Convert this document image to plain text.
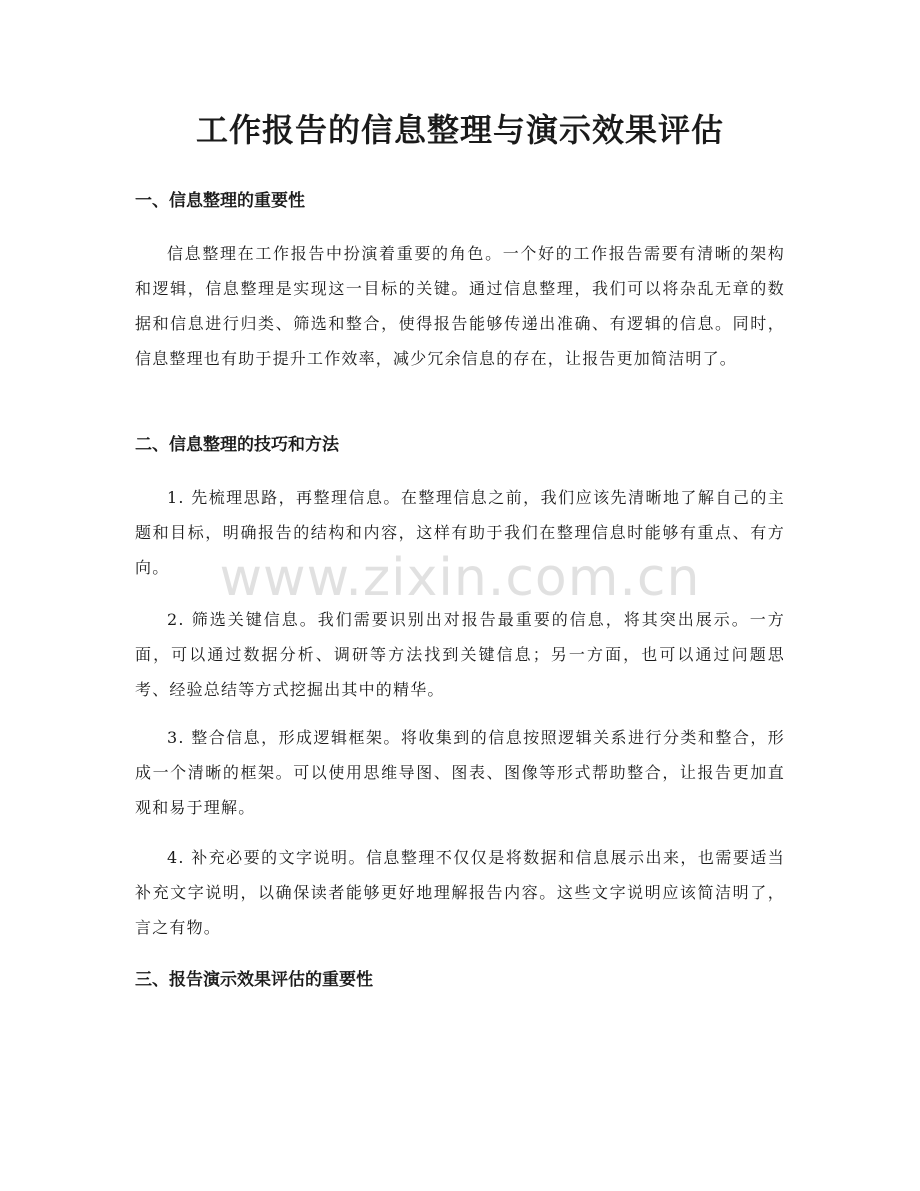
工作报告的信息整理与演示效果评估
一、信息整理的重要性

信息整理在工作报告中扮演着重要的角色。一个好的工作报告需要有清晰的架构和逻辑，信息整理是实现这一目标的关键。通过信息整理，我们可以将杂乱无章的数据和信息进行归类、筛选和整合，使得报告能够传递出准确、有逻辑的信息。同时，信息整理也有助于提升工作效率，减少冗余信息的存在，让报告更加简洁明了。

二、信息整理的技巧和方法

1. 先梳理思路，再整理信息。在整理信息之前，我们应该先清晰地了解自己的主题和目标，明确报告的结构和内容，这样有助于我们在整理信息时能够有重点、有方向。

2. 筛选关键信息。我们需要识别出对报告最重要的信息，将其突出展示。一方面，可以通过数据分析、调研等方法找到关键信息；另一方面，也可以通过问题思考、经验总结等方式挖掘出其中的精华。

3. 整合信息，形成逻辑框架。将收集到的信息按照逻辑关系进行分类和整合，形成一个清晰的框架。可以使用思维导图、图表、图像等形式帮助整合，让报告更加直观和易于理解。

4. 补充必要的文字说明。信息整理不仅仅是将数据和信息展示出来，也需要适当补充文字说明，以确保读者能够更好地理解报告内容。这些文字说明应该简洁明了，言之有物。

三、报告演示效果评估的重要性
www.zixin.com.cn
